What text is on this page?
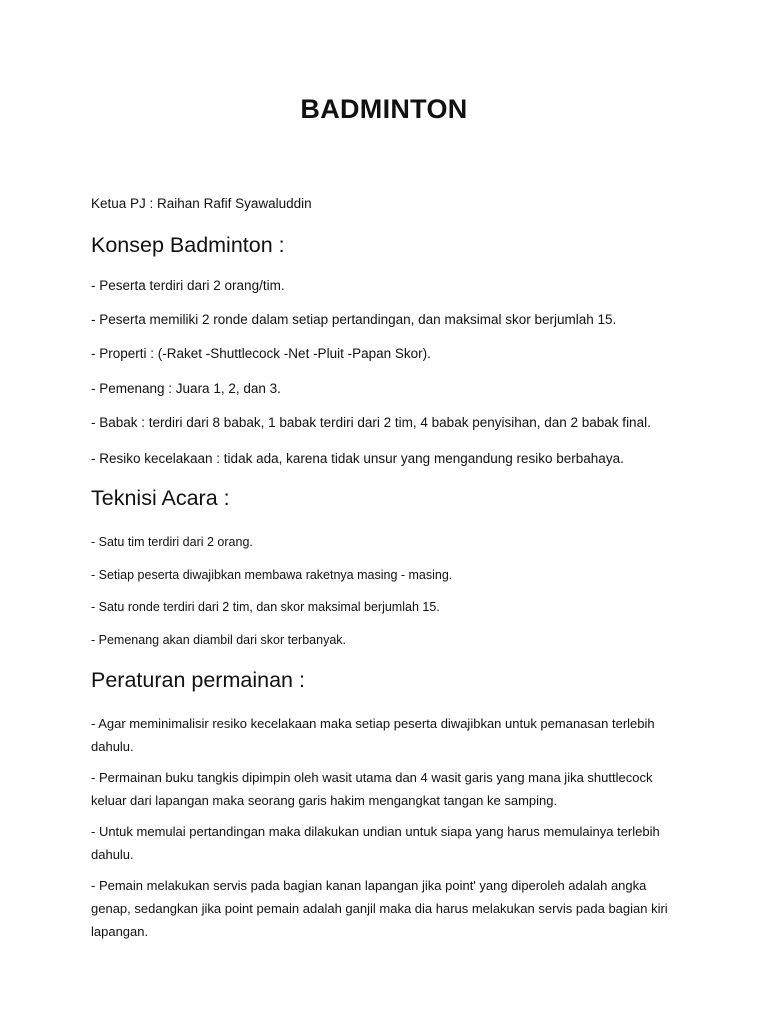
BADMINTON
Ketua PJ : Raihan Rafif Syawaluddin
Konsep Badminton :
- Peserta terdiri dari 2 orang/tim.
- Peserta memiliki 2 ronde dalam setiap pertandingan, dan maksimal skor berjumlah 15.
- Properti : (-Raket -Shuttlecock -Net -Pluit -Papan Skor).
- Pemenang : Juara 1, 2, dan 3.
- Babak : terdiri dari 8 babak, 1 babak terdiri dari 2 tim, 4 babak penyisihan, dan 2 babak final.
- Resiko kecelakaan : tidak ada, karena tidak unsur yang mengandung resiko berbahaya.
Teknisi Acara :
- Satu tim terdiri dari 2 orang.
- Setiap peserta diwajibkan membawa raketnya masing - masing.
- Satu ronde terdiri dari 2 tim, dan skor maksimal berjumlah 15.
- Pemenang akan diambil dari skor terbanyak.
Peraturan permainan :
- Agar meminimalisir resiko kecelakaan maka setiap peserta diwajibkan untuk pemanasan terlebih dahulu.
- Permainan buku tangkis dipimpin oleh wasit utama dan 4 wasit garis yang mana jika shuttlecock keluar dari lapangan maka seorang garis hakim mengangkat tangan ke samping.
- Untuk memulai pertandingan maka dilakukan undian untuk siapa yang harus memulainya terlebih dahulu.
- Pemain melakukan servis pada bagian kanan lapangan jika point' yang diperoleh adalah angka genap, sedangkan jika point pemain adalah ganjil maka dia harus melakukan servis pada bagian kiri lapangan.
